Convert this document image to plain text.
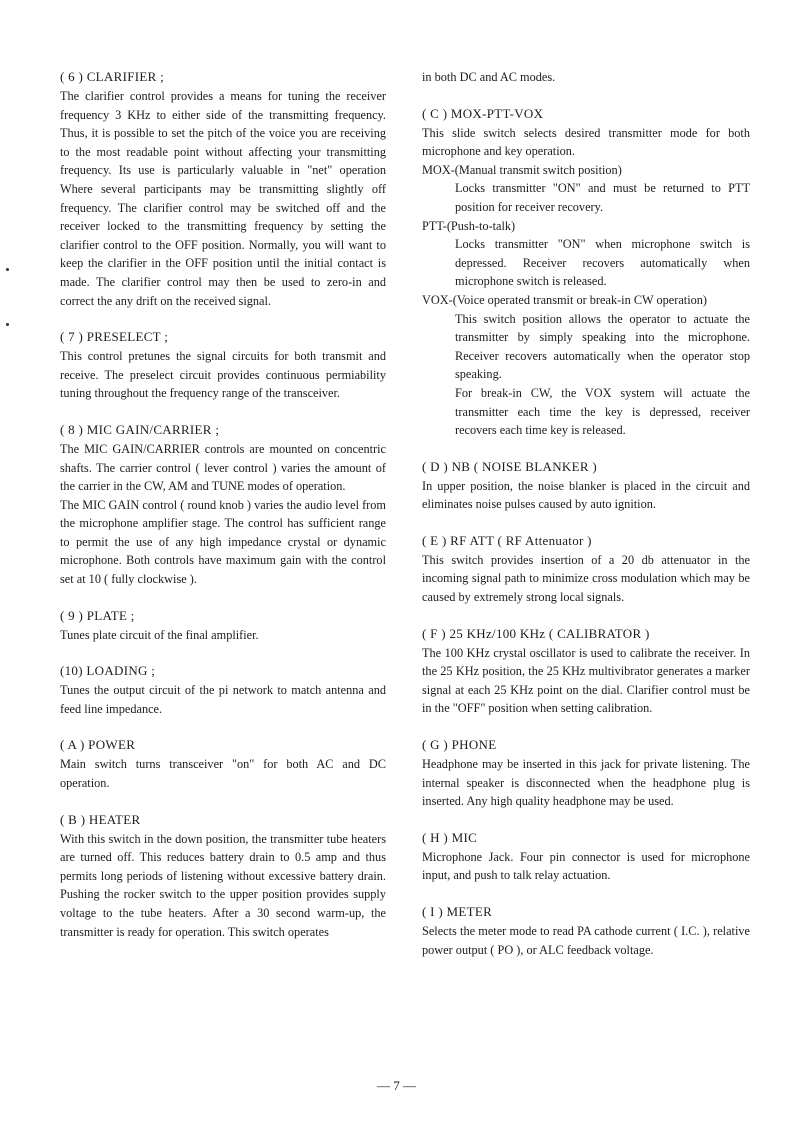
( 6 ) CLARIFIER ;
The clarifier control provides a means for tuning the receiver frequency 3 KHz to either side of the transmitting frequency. Thus, it is possible to set the pitch of the voice you are receiving to the most readable point without affecting your transmitting frequency. Its use is particularly valuable in "net" operation Where several participants may be transmitting slightly off frequency. The clarifier control may be switched off and the receiver locked to the transmitting frequency by setting the clarifier control to the OFF position. Normally, you will want to keep the clarifier in the OFF position until the initial contact is made. The clarifier control may then be used to zero-in and correct the any drift on the received signal.
( 7 ) PRESELECT ;
This control pretunes the signal circuits for both transmit and receive. The preselect circuit provides continuous permiability tuning throughout the frequency range of the transceiver.
( 8 ) MIC GAIN/CARRIER ;
The MIC GAIN/CARRIER controls are mounted on concentric shafts. The carrier control ( lever control ) varies the amount of the carrier in the CW, AM and TUNE modes of operation.
The MIC GAIN control ( round knob ) varies the audio level from the microphone amplifier stage. The control has sufficient range to permit the use of any high impedance crystal or dynamic microphone. Both controls have maximum gain with the control set at 10 ( fully clockwise ).
( 9 ) PLATE ;
Tunes plate circuit of the final amplifier.
(10) LOADING ;
Tunes the output circuit of the pi network to match antenna and feed line impedance.
( A ) POWER
Main switch turns transceiver "on" for both AC and DC operation.
( B ) HEATER
With this switch in the down position, the transmitter tube heaters are turned off. This reduces battery drain to 0.5 amp and thus permits long periods of listening without excessive battery drain. Pushing the rocker switch to the upper position provides supply voltage to the tube heaters. After a 30 second warm-up, the transmitter is ready for operation. This switch operates
in both DC and AC modes.
( C ) MOX-PTT-VOX
This slide switch selects desired transmitter mode for both microphone and key operation.
MOX-(Manual transmit switch position)
Locks transmitter "ON" and must be returned to PTT position for receiver recovery.
PTT-(Push-to-talk)
Locks transmitter "ON" when microphone switch is depressed. Receiver recovers automatically when microphone switch is released.
VOX-(Voice operated transmit or break-in CW operation)
This switch position allows the operator to actuate the transmitter by simply speaking into the microphone. Receiver recovers automatically when the operator stop speaking.
For break-in CW, the VOX system will actuate the transmitter each time the key is depressed, receiver recovers each time key is released.
( D ) NB ( NOISE BLANKER )
In upper position, the noise blanker is placed in the circuit and eliminates noise pulses caused by auto ignition.
( E ) RF ATT ( RF Attenuator )
This switch provides insertion of a 20 db attenuator in the incoming signal path to minimize cross modulation which may be caused by extremely strong local signals.
( F ) 25 KHz/100 KHz ( CALIBRATOR )
The 100 KHz crystal oscillator is used to calibrate the receiver. In the 25 KHz position, the 25 KHz multivibrator generates a marker signal at each 25 KHz point on the dial. Clarifier control must be in the "OFF" position when setting calibration.
( G ) PHONE
Headphone may be inserted in this jack for private listening. The internal speaker is disconnected when the headphone plug is inserted. Any high quality headphone may be used.
( H ) MIC
Microphone Jack. Four pin connector is used for microphone input, and push to talk relay actuation.
( I ) METER
Selects the meter mode to read PA cathode current ( I.C. ), relative power output ( PO ), or ALC feedback voltage.
— 7 —
